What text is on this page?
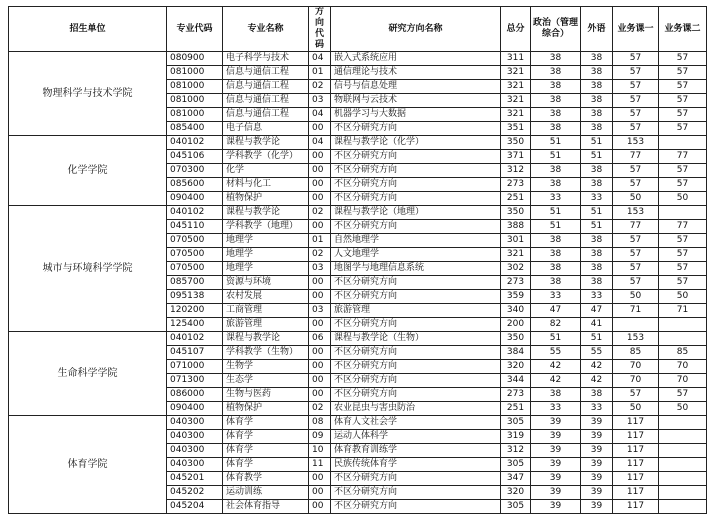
招生单位	专业代码	专业名称	方向代码	研究方向名称	总分	政治（管理综合）	外语	业务课一	业务课二
物理科学与技术学院	080900	电子科学与技术	04	嵌入式系统应用	311	38	38	57	57
	081000	信息与通信工程	01	通信理论与技术	321	38	38	57	57
	081000	信息与通信工程	02	信号与信息处理	321	38	38	57	57
	081000	信息与通信工程	03	物联网与云技术	321	38	38	57	57
	081000	信息与通信工程	04	机器学习与大数据	321	38	38	57	57
	085400	电子信息	00	不区分研究方向	351	38	38	57	57
化学学院	040102	课程与教学论	04	课程与教学论（化学）	350	51	51	153	
	045106	学科教学（化学）	00	不区分研究方向	371	51	51	77	77
	070300	化学	00	不区分研究方向	312	38	38	57	57
	085600	材料与化工	00	不区分研究方向	273	38	38	57	57
	090400	植物保护	00	不区分研究方向	251	33	33	50	50
城市与环境科学学院	040102	课程与教学论	02	课程与教学论（地理）	350	51	51	153	
	045110	学科教学（地理）	00	不区分研究方向	388	51	51	77	77
	070500	地理学	01	自然地理学	301	38	38	57	57
	070500	地理学	02	人文地理学	321	38	38	57	57
	070500	地理学	03	地图学与地理信息系统	302	38	38	57	57
	085700	资源与环境	00	不区分研究方向	273	38	38	57	57
	095138	农村发展	00	不区分研究方向	359	33	33	50	50
	120200	工商管理	03	旅游管理	340	47	47	71	71
	125400	旅游管理	00	不区分研究方向	200	82	41		
生命科学学院	040102	课程与教学论	06	课程与教学论（生物）	350	51	51	153	
	045107	学科教学（生物）	00	不区分研究方向	384	55	55	85	85
	071000	生物学	00	不区分研究方向	320	42	42	70	70
	071300	生态学	00	不区分研究方向	344	42	42	70	70
	086000	生物与医药	00	不区分研究方向	273	38	38	57	57
	090400	植物保护	02	农业昆虫与害虫防治	251	33	33	50	50
体育学院	040300	体育学	08	体育人文社会学	305	39	39	117	
	040300	体育学	09	运动人体科学	319	39	39	117	
	040300	体育学	10	体育教育训练学	312	39	39	117	
	040300	体育学	11	民族传统体育学	305	39	39	117	
	045201	体育教学	00	不区分研究方向	347	39	39	117	
	045202	运动训练	00	不区分研究方向	320	39	39	117	
	045204	社会体育指导	00	不区分研究方向	305	39	39	117	
